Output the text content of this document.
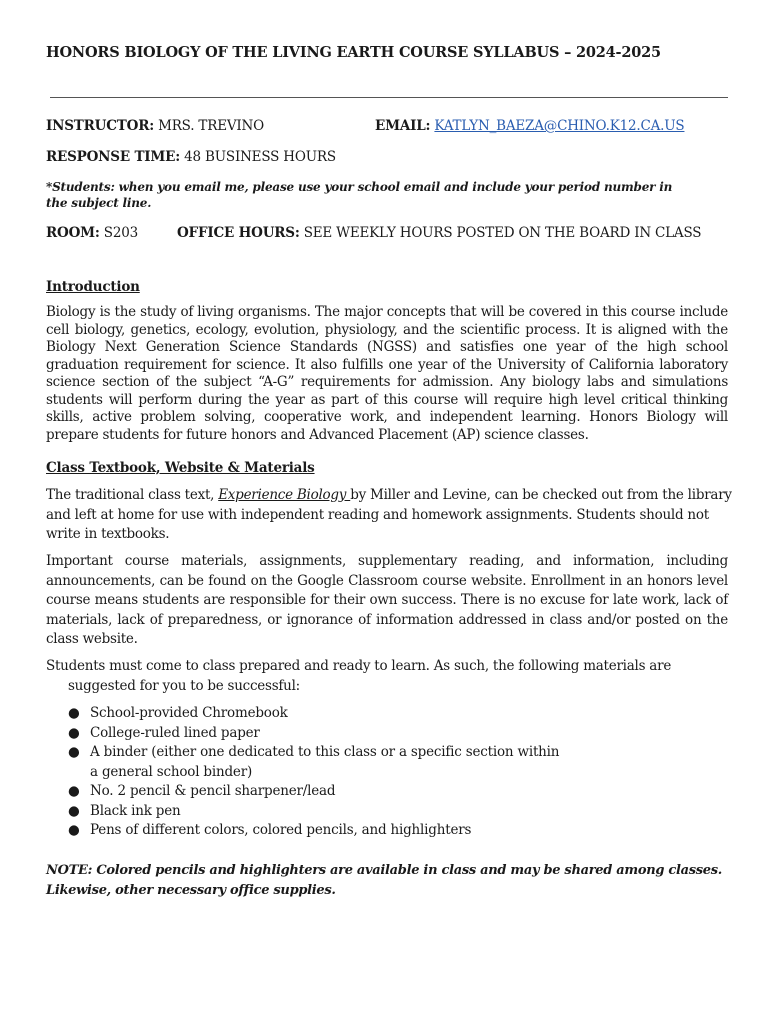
HONORS BIOLOGY OF THE LIVING EARTH COURSE SYLLABUS – 2024-2025
INSTRUCTOR: MRS. TREVINO	EMAIL: KATLYN_BAEZA@CHINO.K12.CA.US
RESPONSE TIME: 48 BUSINESS HOURS
*Students: when you email me, please use your school email and include your period number in the subject line.
ROOM: S203	OFFICE HOURS: SEE WEEKLY HOURS POSTED ON THE BOARD IN CLASS
Introduction
Biology is the study of living organisms. The major concepts that will be covered in this course include cell biology, genetics, ecology, evolution, physiology, and the scientific process. It is aligned with the Biology Next Generation Science Standards (NGSS) and satisfies one year of the high school graduation requirement for science. It also fulfills one year of the University of California laboratory science section of the subject “A-G” requirements for admission. Any biology labs and simulations students will perform during the year as part of this course will require high level critical thinking skills, active problem solving, cooperative work, and independent learning. Honors Biology will prepare students for future honors and Advanced Placement (AP) science classes.
Class Textbook, Website & Materials
The traditional class text, Experience Biology by Miller and Levine, can be checked out from the library and left at home for use with independent reading and homework assignments. Students should not write in textbooks.
Important course materials, assignments, supplementary reading, and information, including announcements, can be found on the Google Classroom course website. Enrollment in an honors level course means students are responsible for their own success. There is no excuse for late work, lack of materials, lack of preparedness, or ignorance of information addressed in class and/or posted on the class website.

Students must come to class prepared and ready to learn. As such, the following materials are

suggested for you to be successful:

● School-provided Chromebook
● College-ruled lined paper
● A binder (either one dedicated to this class or a specific section within a general school binder)
● No. 2 pencil & pencil sharpener/lead
● Black ink pen
● Pens of different colors, colored pencils, and highlighters
NOTE: Colored pencils and highlighters are available in class and may be shared among classes. Likewise, other necessary office supplies.
